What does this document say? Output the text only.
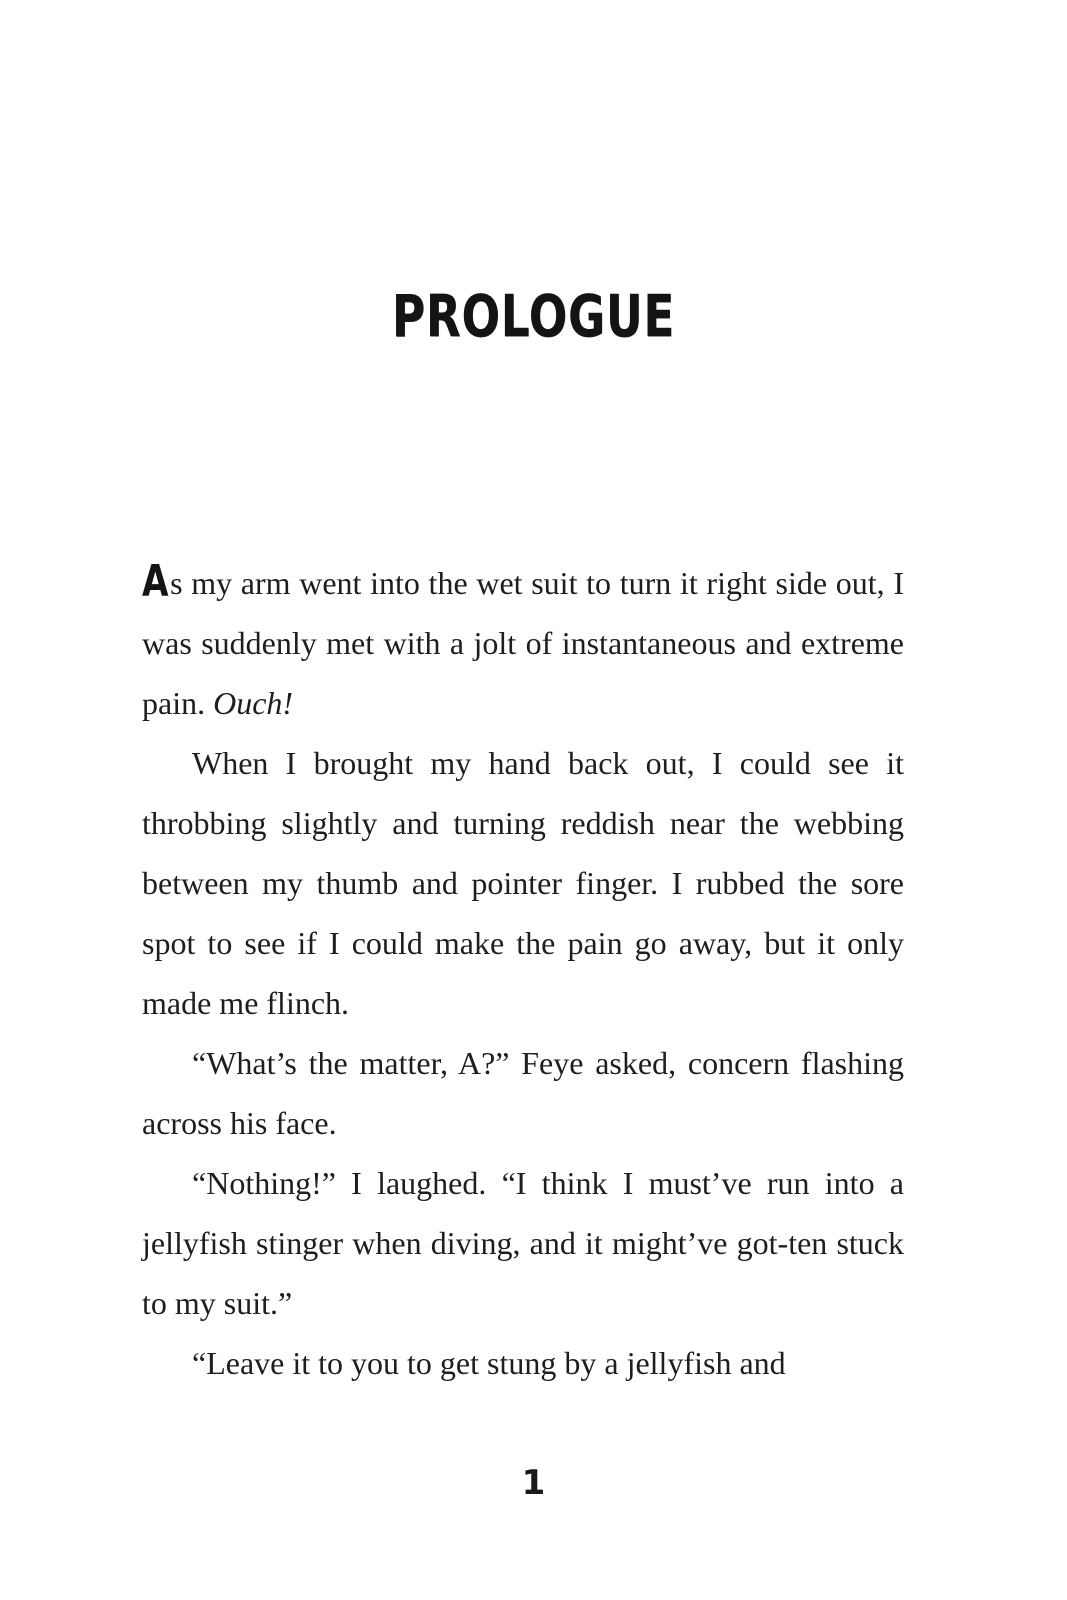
PROLOGUE

As my arm went into the wet suit to turn it right side out, I was suddenly met with a jolt of instantaneous and extreme pain. Ouch!

When I brought my hand back out, I could see it throbbing slightly and turning reddish near the webbing between my thumb and pointer finger. I rubbed the sore spot to see if I could make the pain go away, but it only made me flinch.

“What’s the matter, A?” Feye asked, concern flashing across his face.

“Nothing!” I laughed. “I think I must’ve run into a jellyfish stinger when diving, and it might’ve got-ten stuck to my suit.”

“Leave it to you to get stung by a jellyfish and

1
